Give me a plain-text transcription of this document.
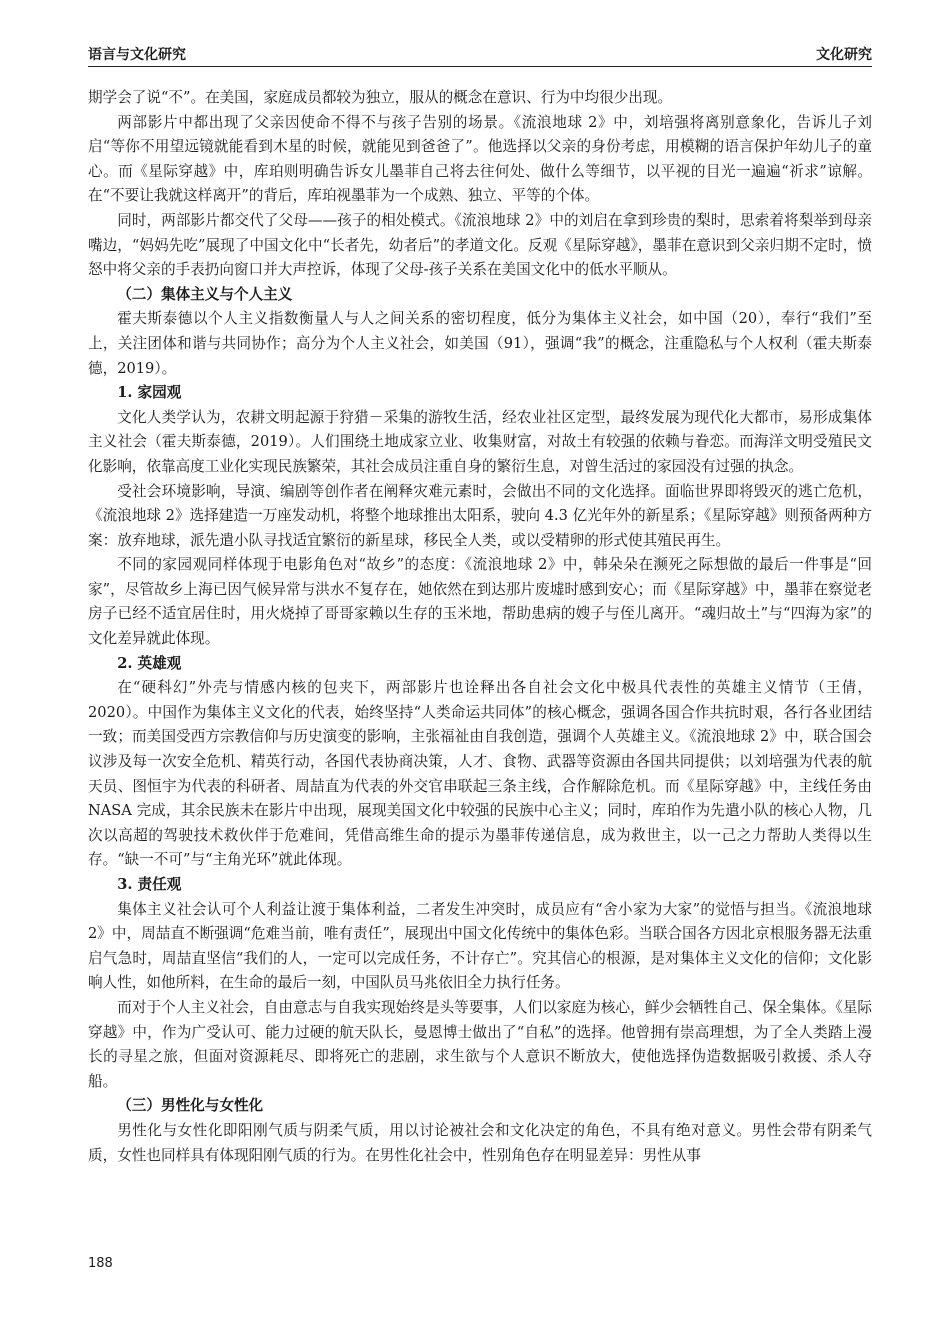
语言与文化研究	文化研究

期学会了说“不”。在美国，家庭成员都较为独立，服从的概念在意识、行为中均很少出现。

两部影片中都出现了父亲因使命不得不与孩子告别的场景。《流浪地球 2》中，刘培强将离别意象化，告诉儿子刘启“等你不用望远镜就能看到木星的时候，就能见到爸爸了”。他选择以父亲的身份考虑，用模糊的语言保护年幼儿子的童心。而《星际穿越》中，库珀则明确告诉女儿墨菲自己将去往何处、做什么等细节，以平视的目光一遍遍“祈求”谅解。在“不要让我就这样离开”的背后，库珀视墨菲为一个成熟、独立、平等的个体。

同时，两部影片都交代了父母——孩子的相处模式。《流浪地球 2》中的刘启在拿到珍贵的梨时，思索着将梨举到母亲嘴边，“妈妈先吃”展现了中国文化中“长者先，幼者后”的孝道文化。反观《星际穿越》，墨菲在意识到父亲归期不定时，愤怒中将父亲的手表扔向窗口并大声控诉，体现了父母-孩子关系在美国文化中的低水平顺从。

（二）集体主义与个人主义

霍夫斯泰德以个人主义指数衡量人与人之间关系的密切程度，低分为集体主义社会，如中国（20），奉行“我们”至上，关注团体和谐与共同协作；高分为个人主义社会，如美国（91），强调“我”的概念，注重隐私与个人权利（霍夫斯泰德，2019）。

1. 家园观

文化人类学认为，农耕文明起源于狩猎－采集的游牧生活，经农业社区定型，最终发展为现代化大都市，易形成集体主义社会（霍夫斯泰德，2019）。人们围绕土地成家立业、收集财富，对故土有较强的依赖与眷恋。而海洋文明受殖民文化影响，依靠高度工业化实现民族繁荣，其社会成员注重自身的繁衍生息，对曾生活过的家园没有过强的执念。

受社会环境影响，导演、编剧等创作者在阐释灾难元素时，会做出不同的文化选择。面临世界即将毁灭的逃亡危机，《流浪地球 2》选择建造一万座发动机，将整个地球推出太阳系，驶向 4.3 亿光年外的新星系；《星际穿越》则预备两种方案：放弃地球，派先遣小队寻找适宜繁衍的新星球，移民全人类，或以受精卵的形式使其殖民再生。

不同的家园观同样体现于电影角色对“故乡”的态度：《流浪地球 2》中，韩朵朵在濒死之际想做的最后一件事是“回家”，尽管故乡上海已因气候异常与洪水不复存在，她依然在到达那片废墟时感到安心；而《星际穿越》中，墨菲在察觉老房子已经不适宜居住时，用火烧掉了哥哥家赖以生存的玉米地，帮助患病的嫂子与侄儿离开。“魂归故土”与“四海为家”的文化差异就此体现。

2. 英雄观

在“硬科幻”外壳与情感内核的包夹下，两部影片也诠释出各自社会文化中极具代表性的英雄主义情节（王倩，2020）。中国作为集体主义文化的代表，始终坚持“人类命运共同体”的核心概念，强调各国合作共抗时艰，各行各业团结一致；而美国受西方宗教信仰与历史演变的影响，主张福祉由自我创造，强调个人英雄主义。《流浪地球 2》中，联合国会议涉及每一次安全危机、精英行动，各国代表协商决策，人才、食物、武器等资源由各国共同提供；以刘培强为代表的航天员、图恒宇为代表的科研者、周喆直为代表的外交官串联起三条主线，合作解除危机。而《星际穿越》中，主线任务由 NASA 完成，其余民族未在影片中出现，展现美国文化中较强的民族中心主义；同时，库珀作为先遣小队的核心人物，几次以高超的驾驶技术救伙伴于危难间，凭借高维生命的提示为墨菲传递信息，成为救世主，以一己之力帮助人类得以生存。“缺一不可”与“主角光环”就此体现。

3. 责任观

集体主义社会认可个人利益让渡于集体利益，二者发生冲突时，成员应有“舍小家为大家”的觉悟与担当。《流浪地球 2》中，周喆直不断强调“危难当前，唯有责任”，展现出中国文化传统中的集体色彩。当联合国各方因北京根服务器无法重启气急时，周喆直坚信“我们的人，一定可以完成任务，不计存亡”。究其信心的根源，是对集体主义文化的信仰；文化影响人性，如他所料，在生命的最后一刻，中国队员马兆依旧全力执行任务。

而对于个人主义社会，自由意志与自我实现始终是头等要事，人们以家庭为核心，鲜少会牺牲自己、保全集体。《星际穿越》中，作为广受认可、能力过硬的航天队长，曼恩博士做出了“自私”的选择。他曾拥有崇高理想，为了全人类踏上漫长的寻星之旅，但面对资源耗尽、即将死亡的悲剧，求生欲与个人意识不断放大，使他选择伪造数据吸引救援、杀人夺船。

（三）男性化与女性化

男性化与女性化即阳刚气质与阴柔气质，用以讨论被社会和文化决定的角色，不具有绝对意义。男性会带有阴柔气质，女性也同样具有体现阳刚气质的行为。在男性化社会中，性别角色存在明显差异：男性从事

188
